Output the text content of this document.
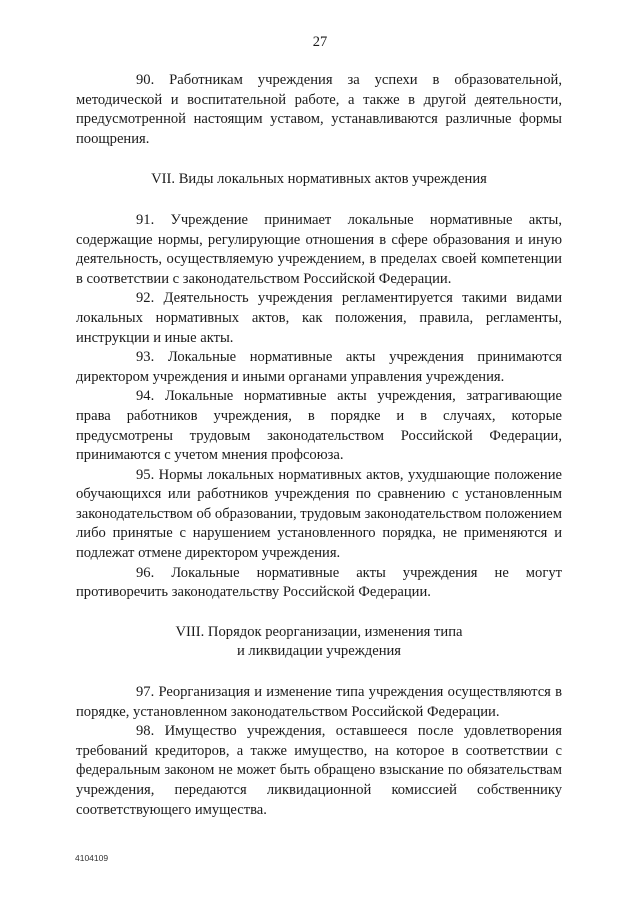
27

90. Работникам учреждения за успехи в образовательной, методической и воспитательной работе, а также в другой деятельности, предусмотренной настоящим уставом, устанавливаются различные формы поощрения.

VII. Виды локальных нормативных актов учреждения

91. Учреждение принимает локальные нормативные акты, содержащие нормы, регулирующие отношения в сфере образования и иную деятельность, осуществляемую учреждением, в пределах своей компетенции в соответствии с законодательством Российской Федерации.

92. Деятельность учреждения регламентируется такими видами локальных нормативных актов, как положения, правила, регламенты, инструкции и иные акты.

93. Локальные нормативные акты учреждения принимаются директором учреждения и иными органами управления учреждения.

94. Локальные нормативные акты учреждения, затрагивающие права работников учреждения, в порядке и в случаях, которые предусмотрены трудовым законодательством Российской Федерации, принимаются с учетом мнения профсоюза.

95. Нормы локальных нормативных актов, ухудшающие положение обучающихся или работников учреждения по сравнению с установленным законодательством об образовании, трудовым законодательством положением либо принятые с нарушением установленного порядка, не применяются и подлежат отмене директором учреждения.

96. Локальные нормативные акты учреждения не могут противоречить законодательству Российской Федерации.

VIII. Порядок реорганизации, изменения типа
и ликвидации учреждения

97. Реорганизация и изменение типа учреждения осуществляются в порядке, установленном законодательством Российской Федерации.

98. Имущество учреждения, оставшееся после удовлетворения требований кредиторов, а также имущество, на которое в соответствии с федеральным законом не может быть обращено взыскание по обязательствам учреждения, передаются ликвидационной комиссией собственнику соответствующего имущества.

4104109
